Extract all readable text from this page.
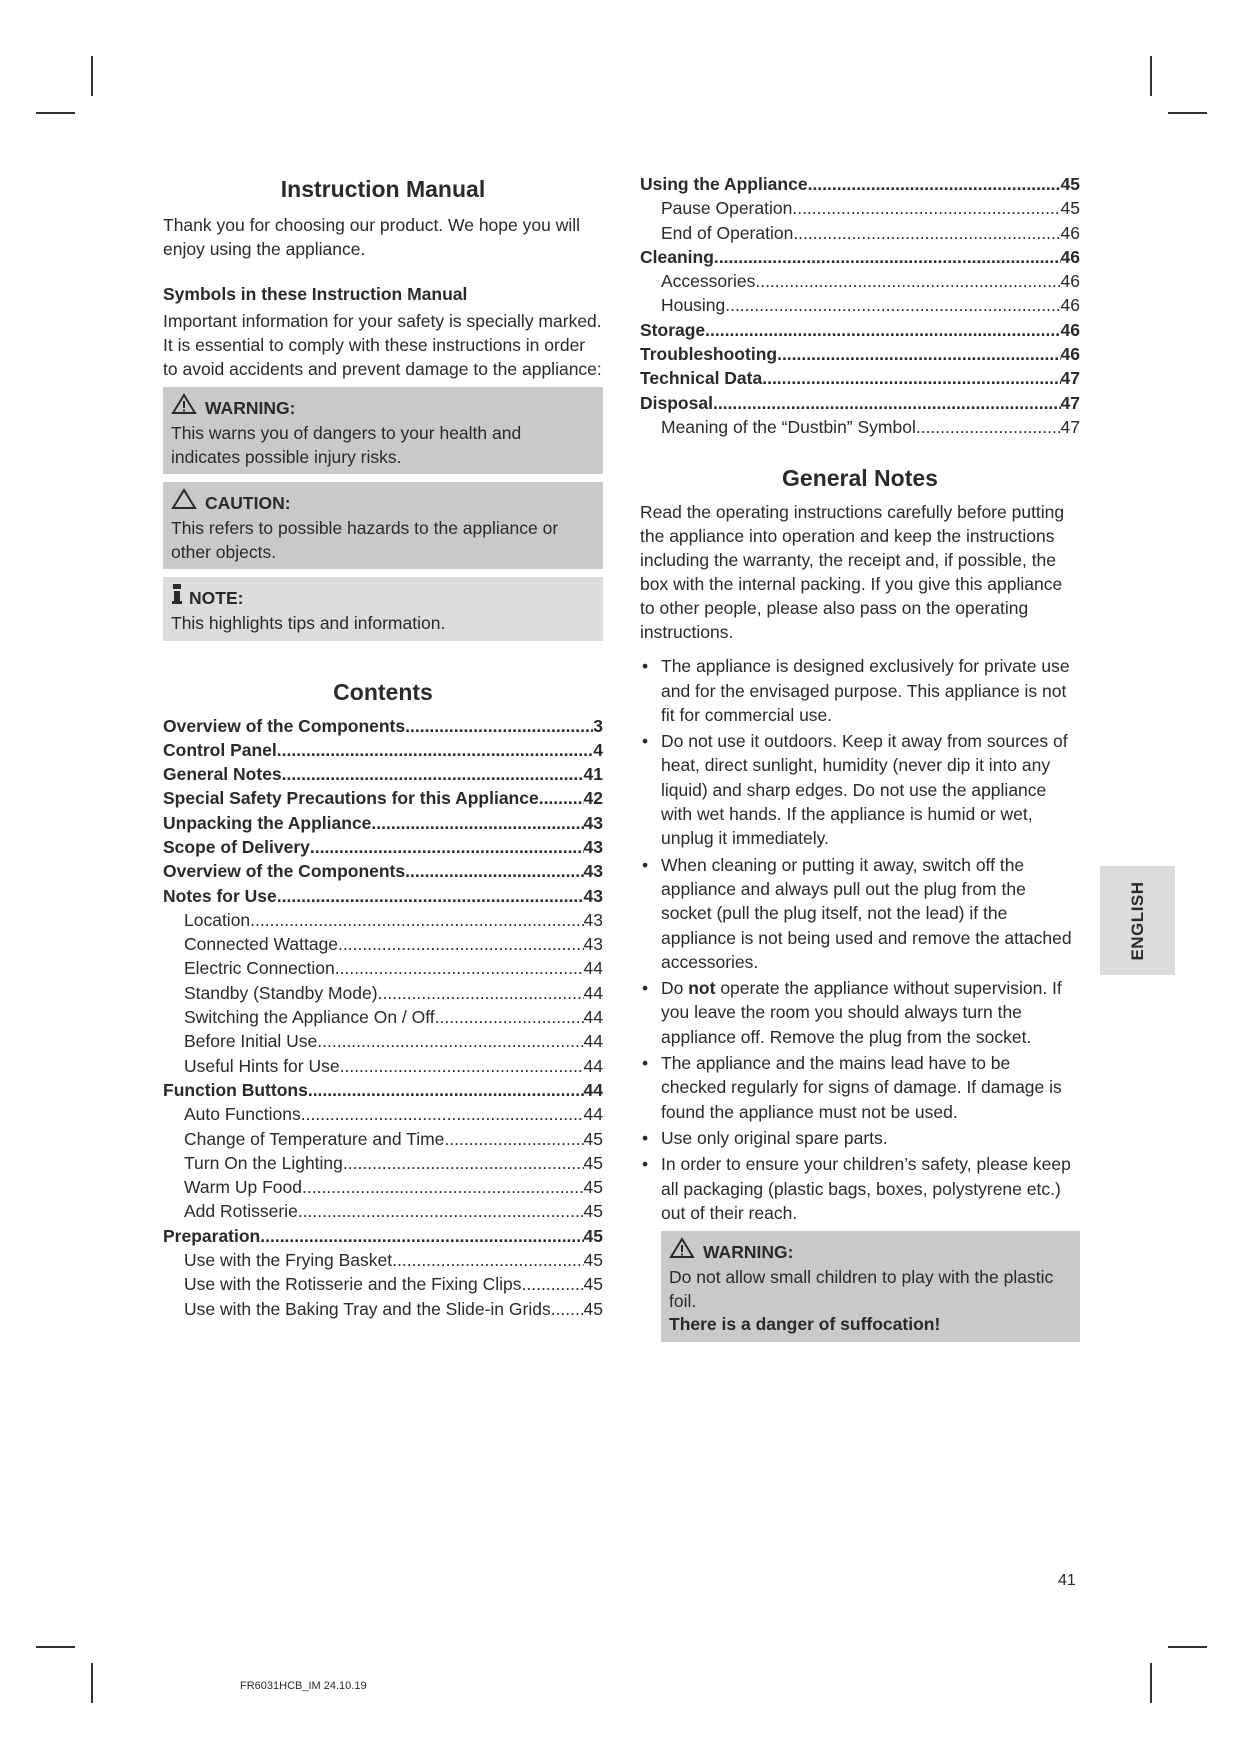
Instruction Manual

Thank you for choosing our product. We hope you will enjoy using the appliance.

Symbols in these Instruction Manual

Important information for your safety is specially marked. It is essential to comply with these instructions in order to avoid accidents and prevent damage to the appliance:

WARNING:

This warns you of dangers to your health and indicates possible injury risks.

CAUTION:

This refers to possible hazards to the appliance or other objects.

NOTE:

This highlights tips and information.

Contents
Overview of the Components .....	3
Control Panel .....	4
General Notes .....	41
Special Safety Precautions for this Appliance .....	42
Unpacking the Appliance .....	43
Scope of Delivery .....	43
Overview of the Components .....	43
Notes for Use .....	43
Location .....	43
Connected Wattage .....	43
Electric Connection .....	44
Standby (Standby Mode) .....	44
Switching the Appliance On / Off .....	44
Before Initial Use .....	44
Useful Hints for Use .....	44
Function Buttons .....	44
Auto Functions .....	44
Change of Temperature and Time .....	45
Turn On the Lighting .....	45
Warm Up Food .....	45
Add Rotisserie .....	45
Preparation .....	45
Use with the Frying Basket .....	45
Use with the Rotisserie and the Fixing Clips .....	45
Use with the Baking Tray and the Slide-in Grids ..... 45
Using the Appliance .....	45
Pause Operation .....	45
End of Operation .....	46
Cleaning .....	46
Accessories .....	46
Housing .....	46
Storage .....	46
Troubleshooting .....	46
Technical Data .....	47
Disposal .....	47
Meaning of the “Dustbin” Symbol .....	47
General Notes

Read the operating instructions carefully before putting the appliance into operation and keep the instructions including the warranty, the receipt and, if possible, the box with the internal packing. If you give this appliance to other people, please also pass on the operating instructions.

• The appliance is designed exclusively for private use and for the envisaged purpose. This appliance is not fit for commercial use.
• Do not use it outdoors. Keep it away from sources of heat, direct sunlight, humidity (never dip it into any liquid) and sharp edges. Do not use the appliance with wet hands. If the appliance is humid or wet, unplug it immediately.
• When cleaning or putting it away, switch off the appliance and always pull out the plug from the socket (pull the plug itself, not the lead) if the appliance is not being used and remove the attached accessories.
• Do not operate the appliance without supervision. If you leave the room you should always turn the appliance off. Remove the plug from the socket.
• The appliance and the mains lead have to be checked regularly for signs of damage. If damage is found the appliance must not be used.
• Use only original spare parts.
• In order to ensure your children’s safety, please keep all packaging (plastic bags, boxes, polystyrene etc.) out of their reach.
WARNING:

Do not allow small children to play with the plastic foil.

There is a danger of suffocation!

ENGLISH
41
FR6031HCB_IM 24.10.19
